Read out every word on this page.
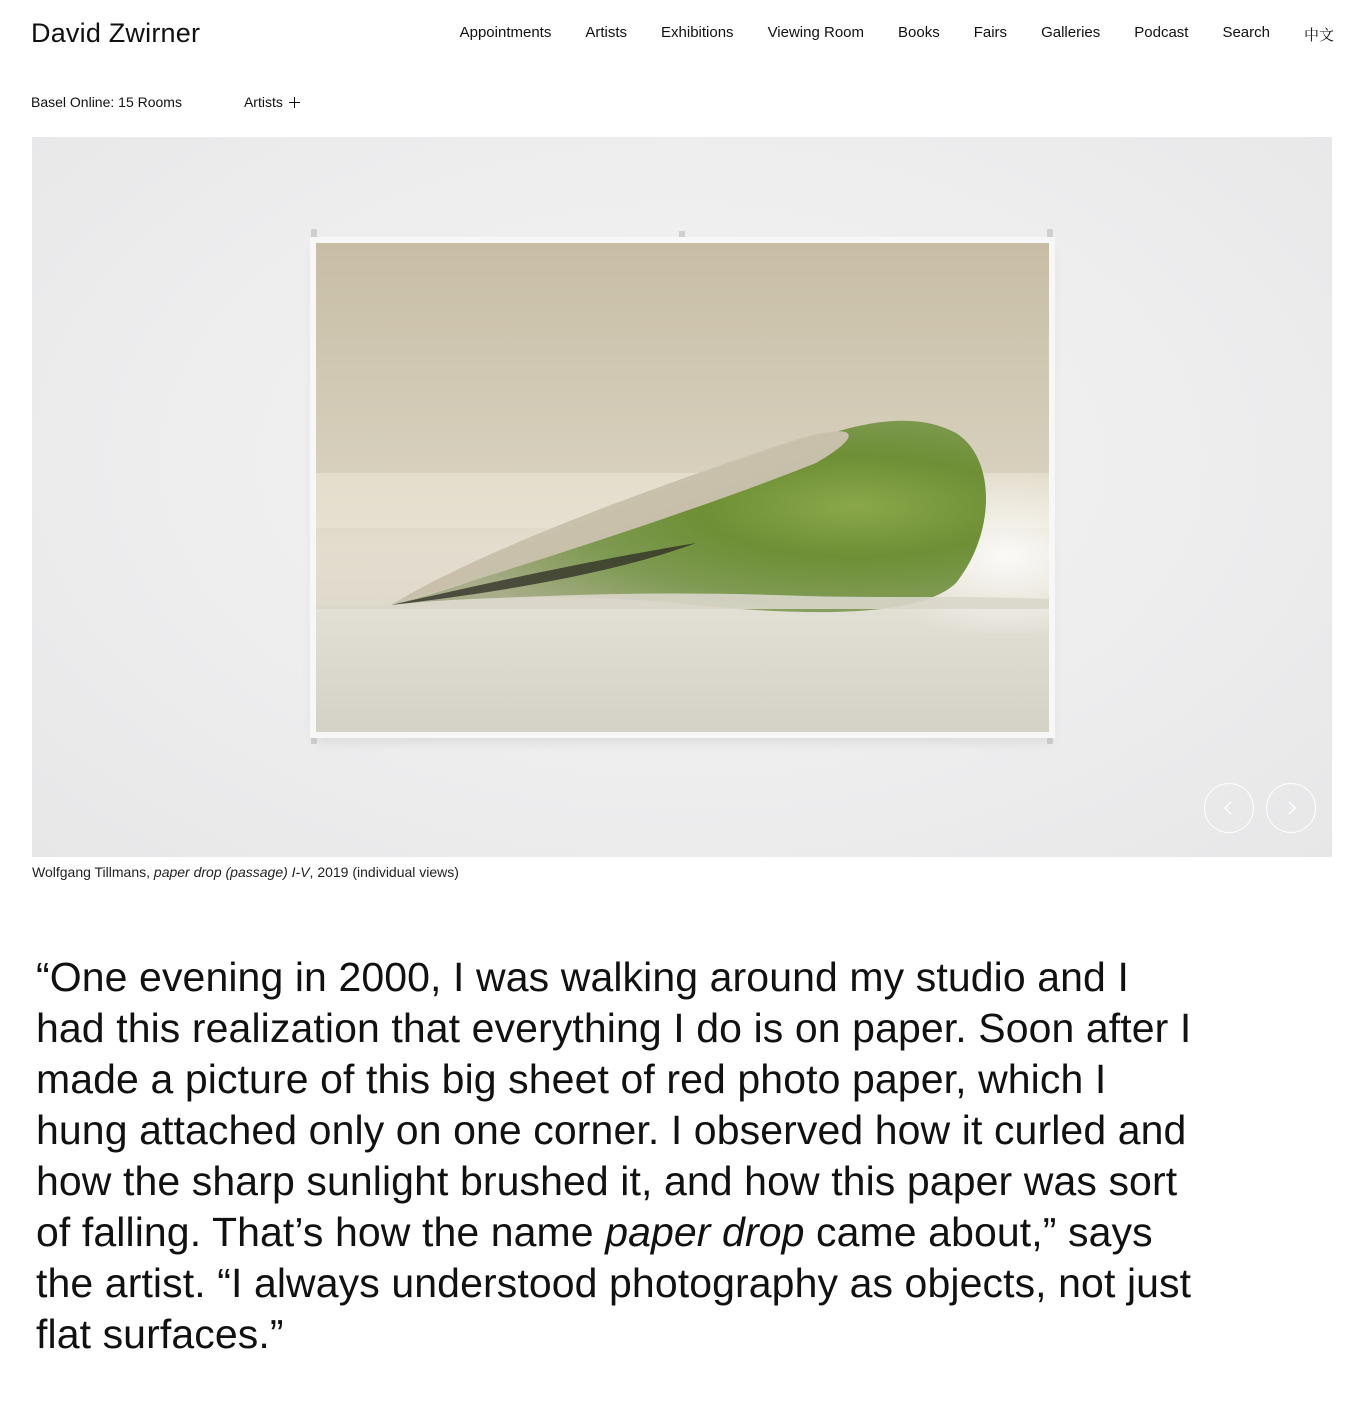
David Zwirner	Appointments Artists Exhibitions Viewing Room Books Fairs Galleries Podcast Search 中文
Basel Online: 15 Rooms	Artists
Wolfgang Tillmans, paper drop (passage) I-V, 2019 (individual views)
“One evening in 2000, I was walking around my studio and I had this realization that everything I do is on paper. Soon after I made a picture of this big sheet of red photo paper, which I hung attached only on one corner. I observed how it curled and how the sharp sunlight brushed it, and how this paper was sort of falling. That’s how the name paper drop came about,” says the artist. “I always understood photography as objects, not just flat surfaces.”
